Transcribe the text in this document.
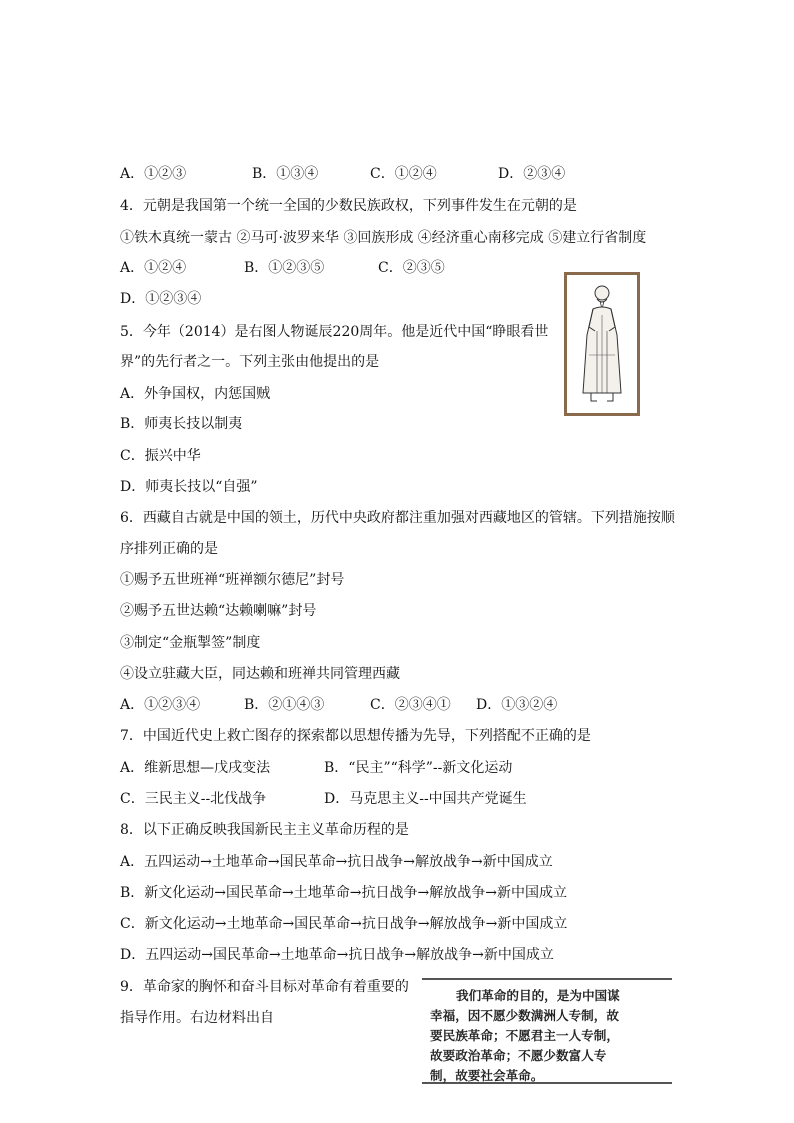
A．①②③	B．①③④	C．①②④	D．②③④
4．元朝是我国第一个统一全国的少数民族政权，下列事件发生在元朝的是
①铁木真统一蒙古 ②马可·波罗来华 ③回族形成 ④经济重心南移完成 ⑤建立行省制度
A．①②④	B．①②③⑤	C．②③⑤
D．①②③④
5．今年（2014）是右图人物诞辰220周年。他是近代中国“睁眼看世
界”的先行者之一。下列主张由他提出的是
A．外争国权，内惩国贼
B．师夷长技以制夷
C．振兴中华
D．师夷长技以“自强”
6．西藏自古就是中国的领土，历代中央政府都注重加强对西藏地区的管辖。下列措施按顺
序排列正确的是
①赐予五世班禅“班禅额尔德尼”封号
②赐予五世达赖“达赖喇嘛”封号
③制定“金瓶掣签”制度
④设立驻藏大臣，同达赖和班禅共同管理西藏
A．①②③④	B．②①④③	C．②③④① D．①③②④
7．中国近代史上救亡图存的探索都以思想传播为先导，下列搭配不正确的是
A．维新思想—戊戌变法	B．“民主”“科学”--新文化运动
C．三民主义--北伐战争	D．马克思主义--中国共产党诞生
8．以下正确反映我国新民主主义革命历程的是
A．五四运动→土地革命→国民革命→抗日战争→解放战争→新中国成立
B．新文化运动→国民革命→土地革命→抗日战争→解放战争→新中国成立
C．新文化运动→土地革命→国民革命→抗日战争→解放战争→新中国成立
D．五四运动→国民革命→土地革命→抗日战争→解放战争→新中国成立
9．革命家的胸怀和奋斗目标对革命有着重要的
指导作用。右边材料出自
我们革命的目的，是为中国谋
幸福，因不愿少数满洲人专制，故
要民族革命；不愿君主一人专制，
故要政治革命；不愿少数富人专
制，故要社会革命。
